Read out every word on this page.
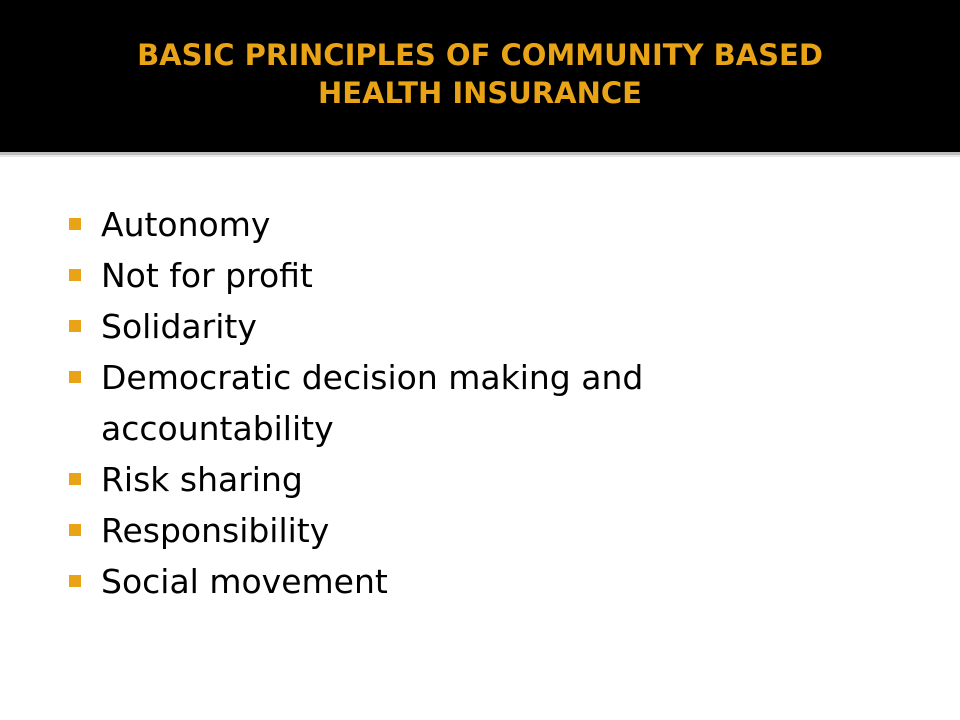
BASIC PRINCIPLES OF COMMUNITY BASED
HEALTH INSURANCE
Autonomy
Not for profit
Solidarity
Democratic decision making and accountability
Risk sharing
Responsibility
Social movement
